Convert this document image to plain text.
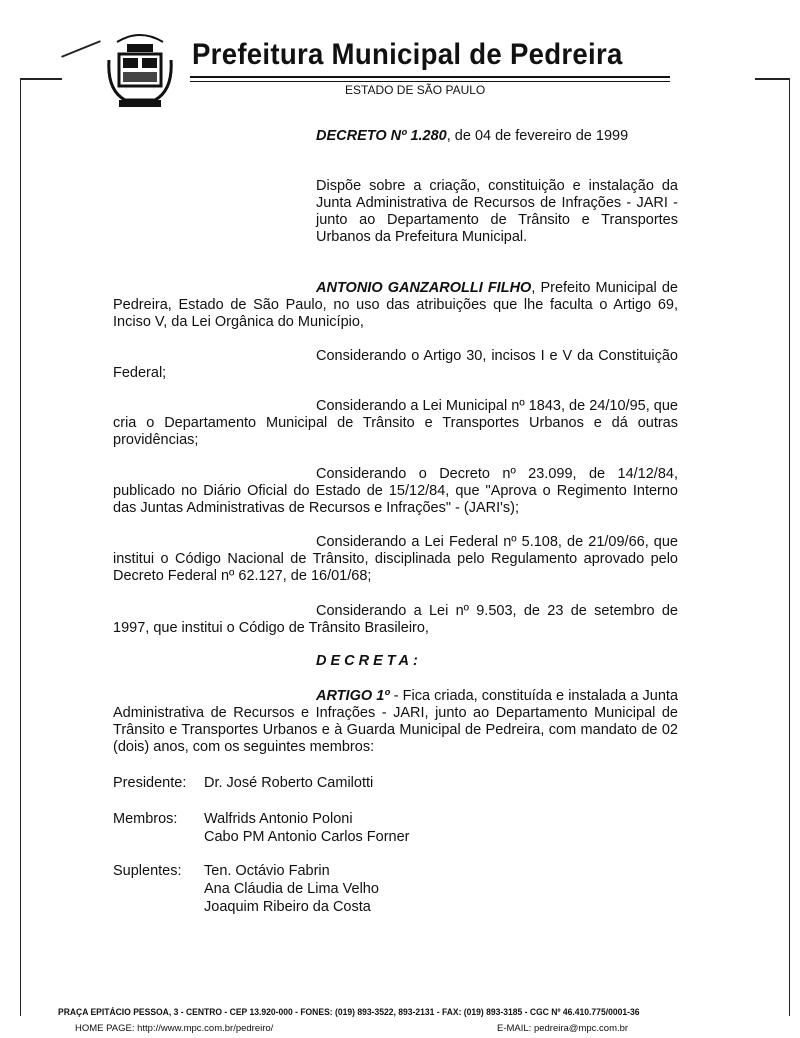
Prefeitura Municipal de Pedreira
ESTADO DE SÃO PAULO
DECRETO Nº 1.280, de 04 de fevereiro de 1999
Dispõe sobre a criação, constituição e instalação da Junta Administrativa de Recursos de Infrações - JARI - junto ao Departamento de Trânsito e Transportes Urbanos da Prefeitura Municipal.
ANTONIO GANZAROLLI FILHO, Prefeito Municipal de Pedreira, Estado de São Paulo, no uso das atribuições que lhe faculta o Artigo 69, Inciso V, da Lei Orgânica do Município,
Considerando o Artigo 30, incisos I e V da Constituição Federal;
Considerando a Lei Municipal nº 1843, de 24/10/95, que cria o Departamento Municipal de Trânsito e Transportes Urbanos e dá outras providências;
Considerando o Decreto nº 23.099, de 14/12/84, publicado no Diário Oficial do Estado de 15/12/84, que "Aprova o Regimento Interno das Juntas Administrativas de Recursos e Infrações" - (JARI's);
Considerando a Lei Federal nº 5.108, de 21/09/66, que institui o Código Nacional de Trânsito, disciplinada pelo Regulamento aprovado pelo Decreto Federal nº 62.127, de 16/01/68;
Considerando a Lei nº 9.503, de 23 de setembro de 1997, que institui o Código de Trânsito Brasileiro,
DECRETA:
ARTIGO 1º - Fica criada, constituída e instalada a Junta Administrativa de Recursos e Infrações - JARI, junto ao Departamento Municipal de Trânsito e Transportes Urbanos e à Guarda Municipal de Pedreira, com mandato de 02 (dois) anos, com os seguintes membros:
Presidente: Dr. José Roberto Camilotti
Membros: Walfrids Antonio Poloni
Cabo PM Antonio Carlos Forner
Suplentes: Ten. Octávio Fabrin
Ana Cláudia de Lima Velho
Joaquim Ribeiro da Costa
PRAÇA EPITÁCIO PESSOA, 3 - CENTRO - CEP 13.920-000 - FONES: (019) 893-3522, 893-2131 - FAX: (019) 893-3185 - CGC Nº 46.410.775/0001-36
HOME PAGE: http://www.mpc.com.br/pedreiro/	E-MAIL: pedreira@mpc.com.br
